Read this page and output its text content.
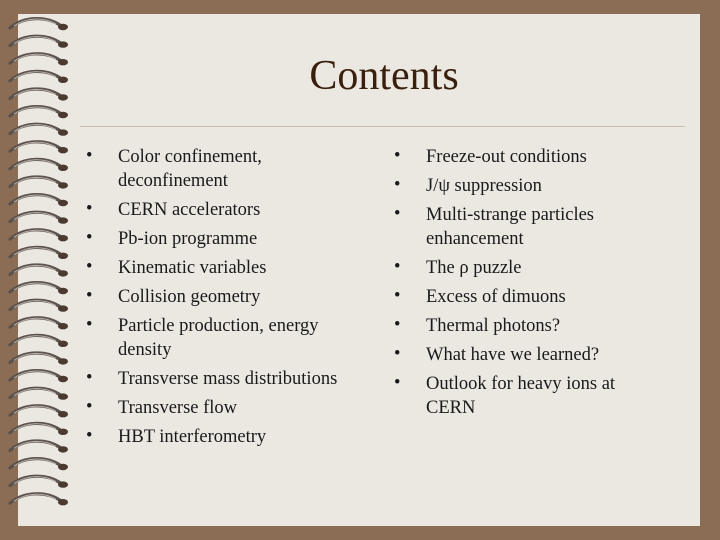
Contents
•	Color confinement, deconfinement
•	CERN accelerators
•	Pb-ion programme
•	Kinematic variables
•	Collision geometry
•	Particle production, energy density
•	Transverse mass distributions
•	Transverse flow
•	HBT interferometry
•	Freeze-out conditions
•	J/ψ suppression
•	Multi-strange particles enhancement
•	The ρ puzzle
•	Excess of dimuons
•	Thermal photons?
•	What have we learned?
•	Outlook for heavy ions at CERN
